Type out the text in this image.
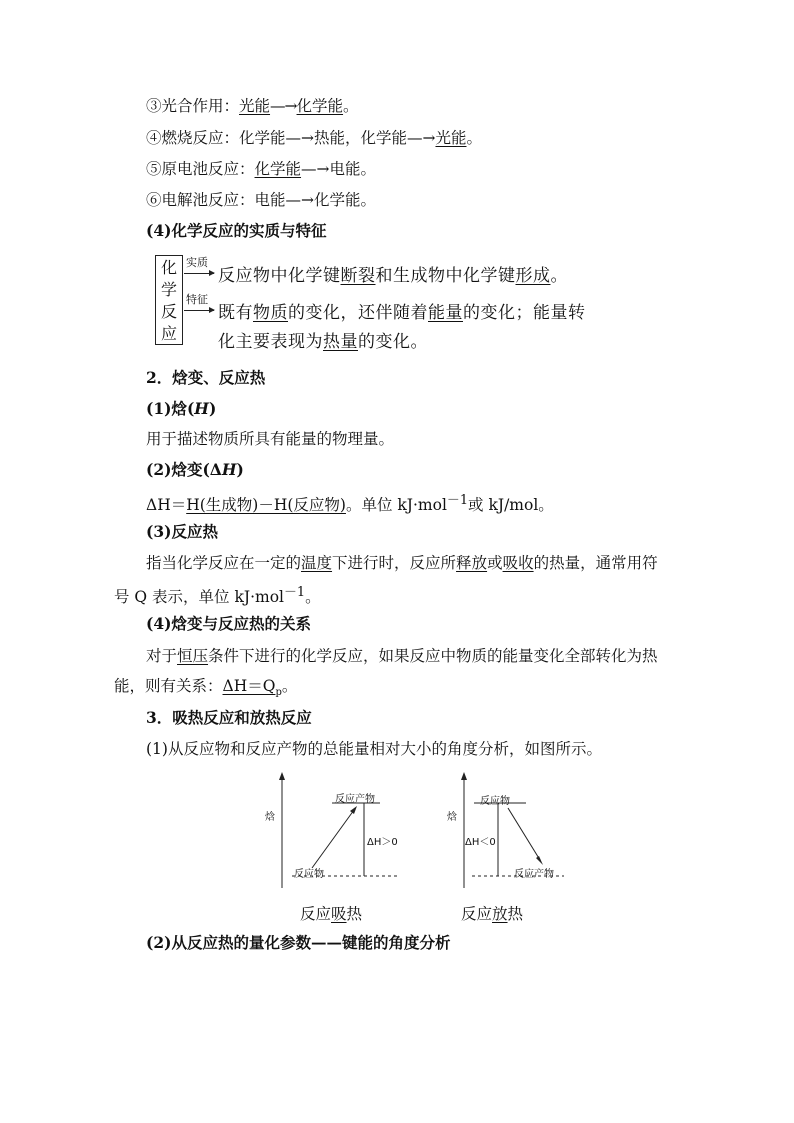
③光合作用：光能—→化学能。
④燃烧反应：化学能—→热能，化学能—→光能。
⑤原电池反应：化学能—→电能。
⑥电解池反应：电能—→化学能。
(4)化学反应的实质与特征
化
学
反
应
实质
特征
反应物中化学键断裂和生成物中化学键形成。
既有物质的变化，还伴随着能量的变化；能量转
化主要表现为热量的变化。
2．焓变、反应热
(1)焓(H)
用于描述物质所具有能量的物理量。
(2)焓变(ΔH)
ΔH＝H(生成物)－H(反应物)。单位 kJ·mol$^{-1}$或 kJ/mol。
(3)反应热
指当化学反应在一定的温度下进行时，反应所释放或吸收的热量，通常用符
号 Q 表示，单位 kJ·mol$^{-1}$。
(4)焓变与反应热的关系
对于恒压条件下进行的化学反应，如果反应中物质的能量变化全部转化为热
能，则有关系：$\Delta H=Q_p$。
3．吸热反应和放热反应
(1)从反应物和反应产物的总能量相对大小的角度分析，如图所示。
焓
反应产物
反应物
ΔH＞0
焓
反应物
反应产物
ΔH＜0
反应吸热	反应放热
(2)从反应热的量化参数——键能的角度分析
